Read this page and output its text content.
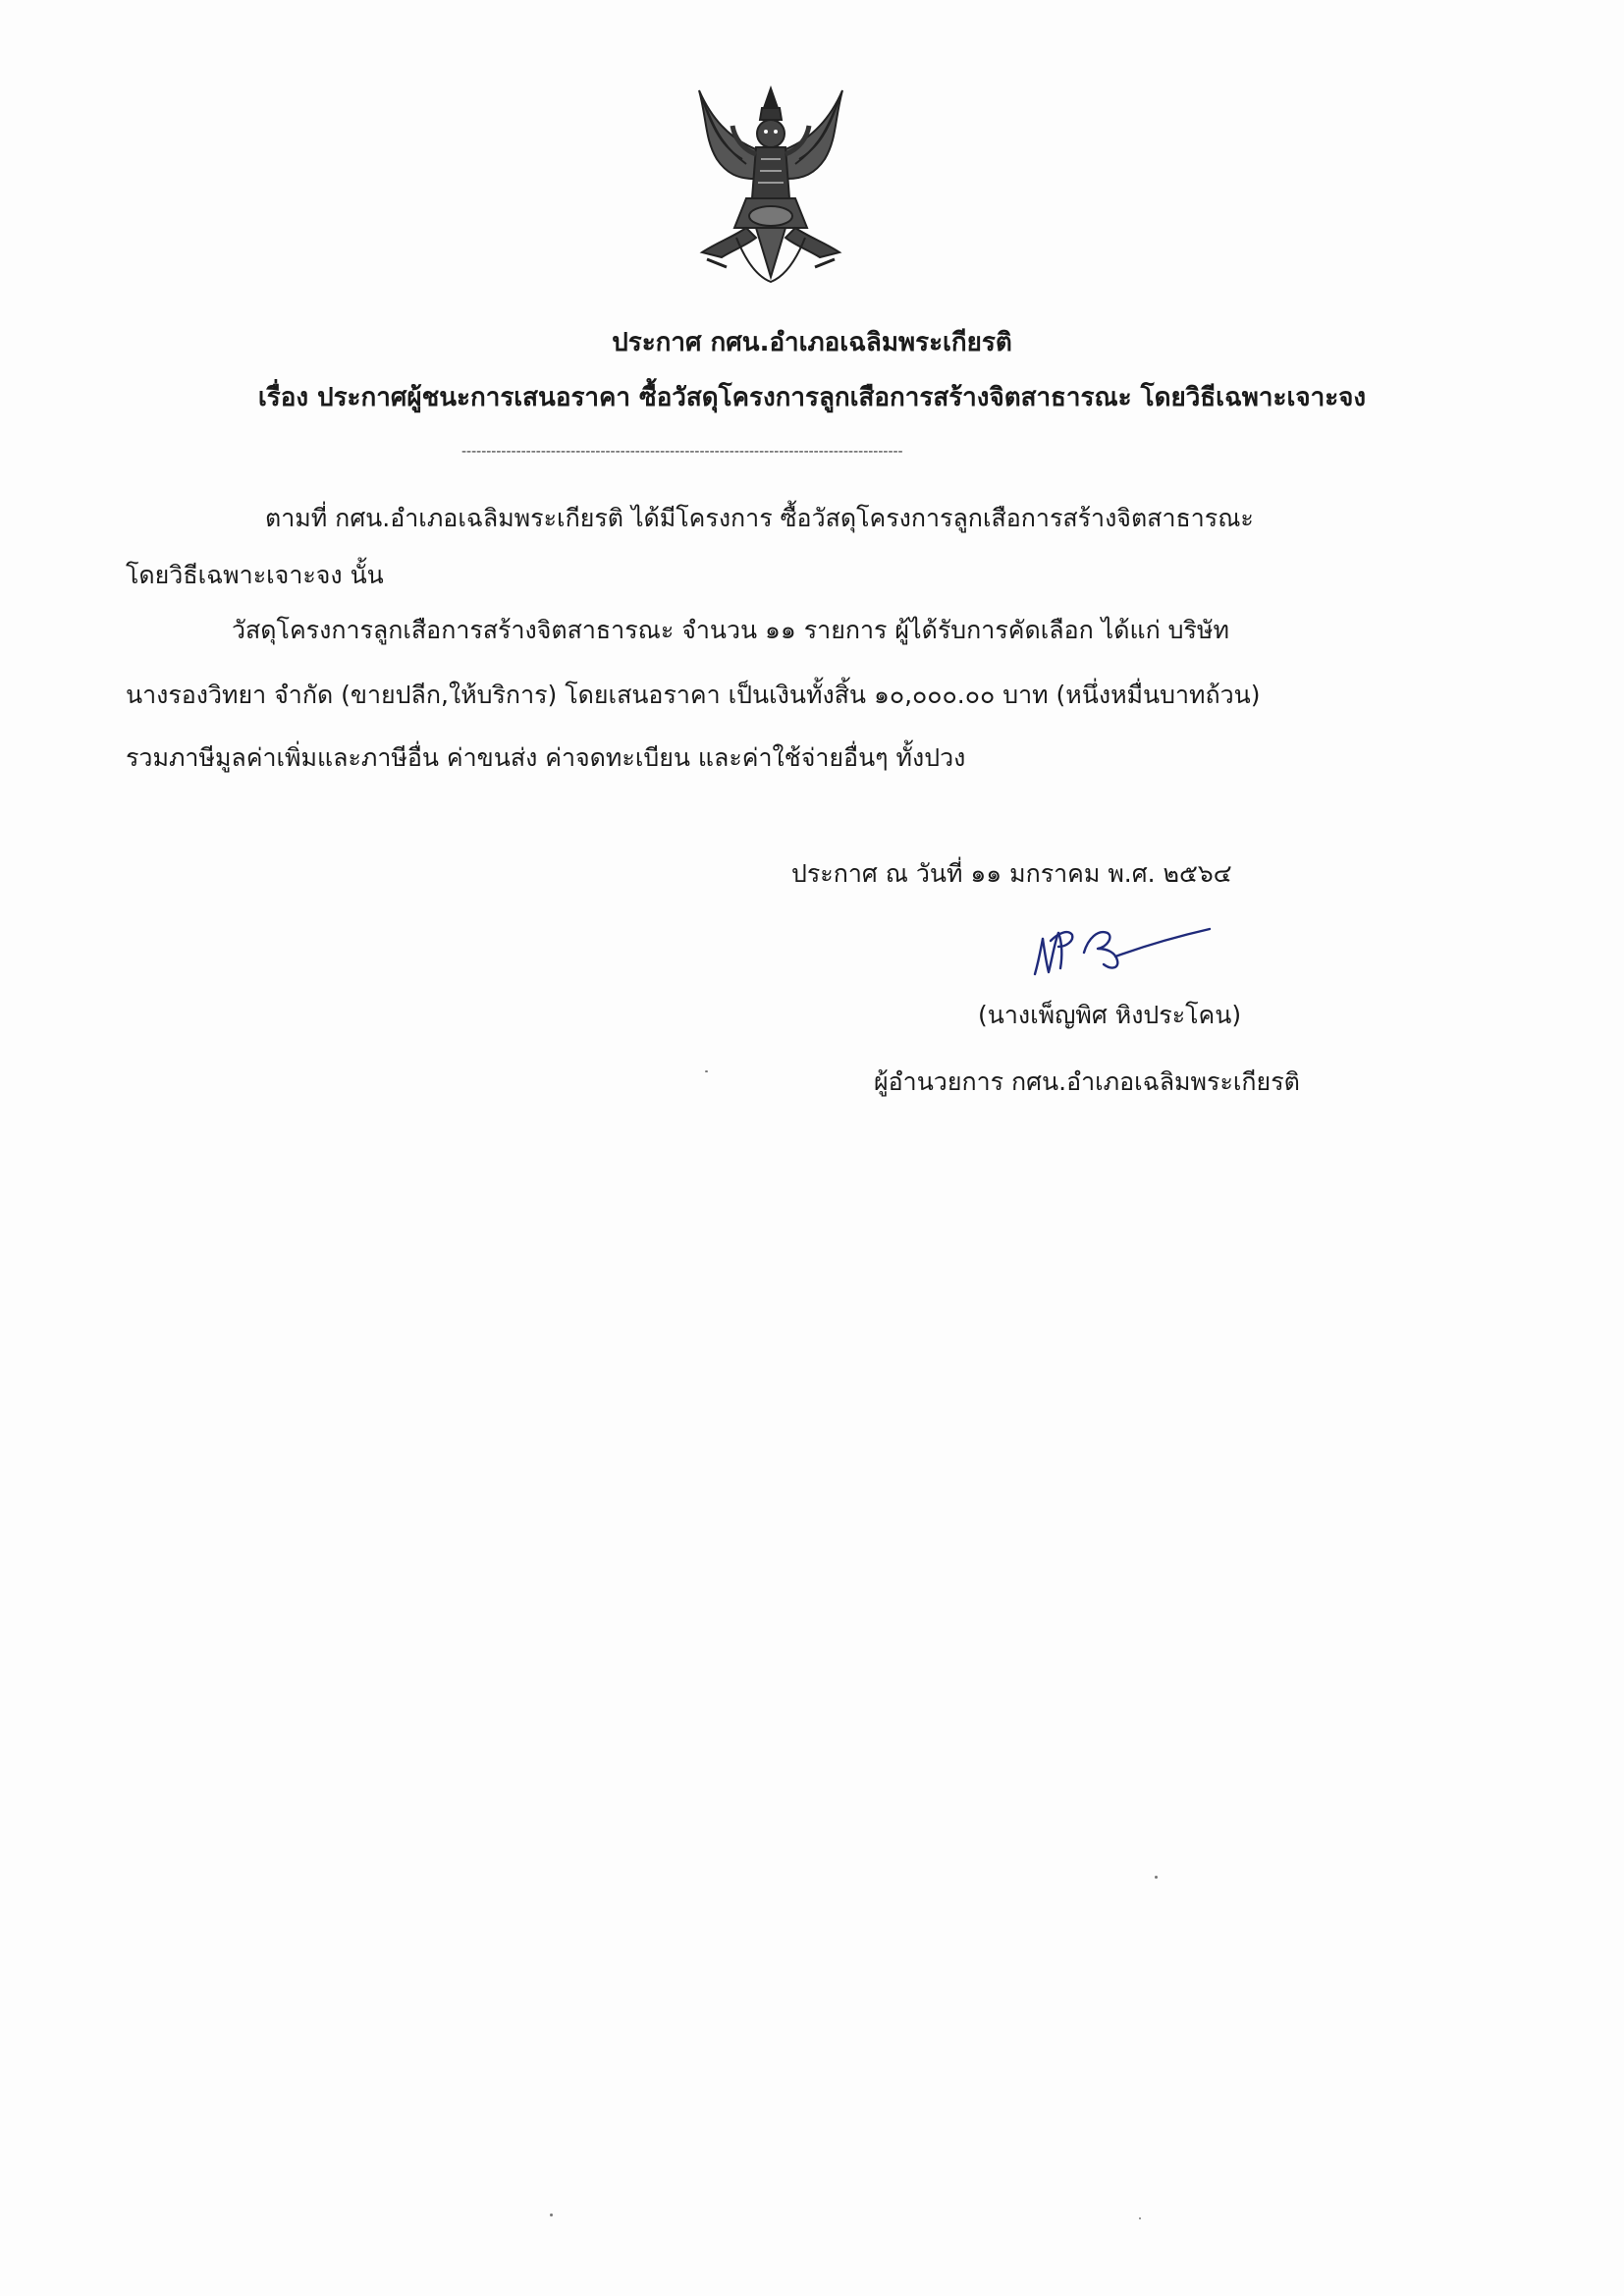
ประกาศ กศน.อำเภอเฉลิมพระเกียรติ
เรื่อง ประกาศผู้ชนะการเสนอราคา ซื้อวัสดุโครงการลูกเสือการสร้างจิตสาธารณะ โดยวิธีเฉพาะเจาะจง
-----------------------------------------------------------------------------------------
ตามที่ กศน.อำเภอเฉลิมพระเกียรติ ได้มีโครงการ ซื้อวัสดุโครงการลูกเสือการสร้างจิตสาธารณะ
โดยวิธีเฉพาะเจาะจง นั้น
วัสดุโครงการลูกเสือการสร้างจิตสาธารณะ จำนวน ๑๑ รายการ ผู้ได้รับการคัดเลือก ได้แก่ บริษัท
นางรองวิทยา จำกัด (ขายปลีก,ให้บริการ) โดยเสนอราคา เป็นเงินทั้งสิ้น ๑๐,๐๐๐.๐๐ บาท (หนึ่งหมื่นบาทถ้วน)
รวมภาษีมูลค่าเพิ่มและภาษีอื่น ค่าขนส่ง ค่าจดทะเบียน และค่าใช้จ่ายอื่นๆ ทั้งปวง
ประกาศ ณ วันที่ ๑๑ มกราคม พ.ศ. ๒๕๖๔
(นางเพ็ญพิศ หิงประโคน)
ผู้อำนวยการ กศน.อำเภอเฉลิมพระเกียรติ
